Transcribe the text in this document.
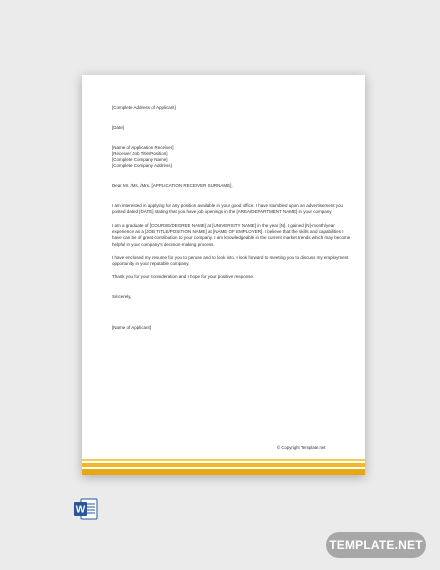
[Complete Address of Applicant]

[Date]

[Name of Application Receiver]

[Receiver Job Title/Position]

[Complete Company Name]

[Complete Company Address]

Dear Mr. /Ms. /Mrs. [APPLICATION RECEIVER SURNAME],

I am interested in applying for any position available in your good office. I have stumbled upon an advertisement you posted dated [DATE] stating that you have job openings in the [AREA/DEPARTMENT NAME] in your company.

I am a graduate of [COURSE/DEGREE NAME] at [UNIVERSITY NAME] in the year [N]. I gained [N]-month/year experience as a [JOB TITLE/POSITION NAME] at [NAME OF EMPLOYER]. I believe that the skills and capabilities I have can be of great contribution to your company. I am knowledgeable in the current market trends which may become helpful in your company's decision-making process.

I have enclosed my resume for you to peruse and to look into. I look forward to meeting you to discuss my employment opportunity in your reputable company.

Thank you for your consideration and I hope for your positive response.

Sincerely,

[Name of Applicant]

© Copyright Template.net
W
TEMPLATE.NET
